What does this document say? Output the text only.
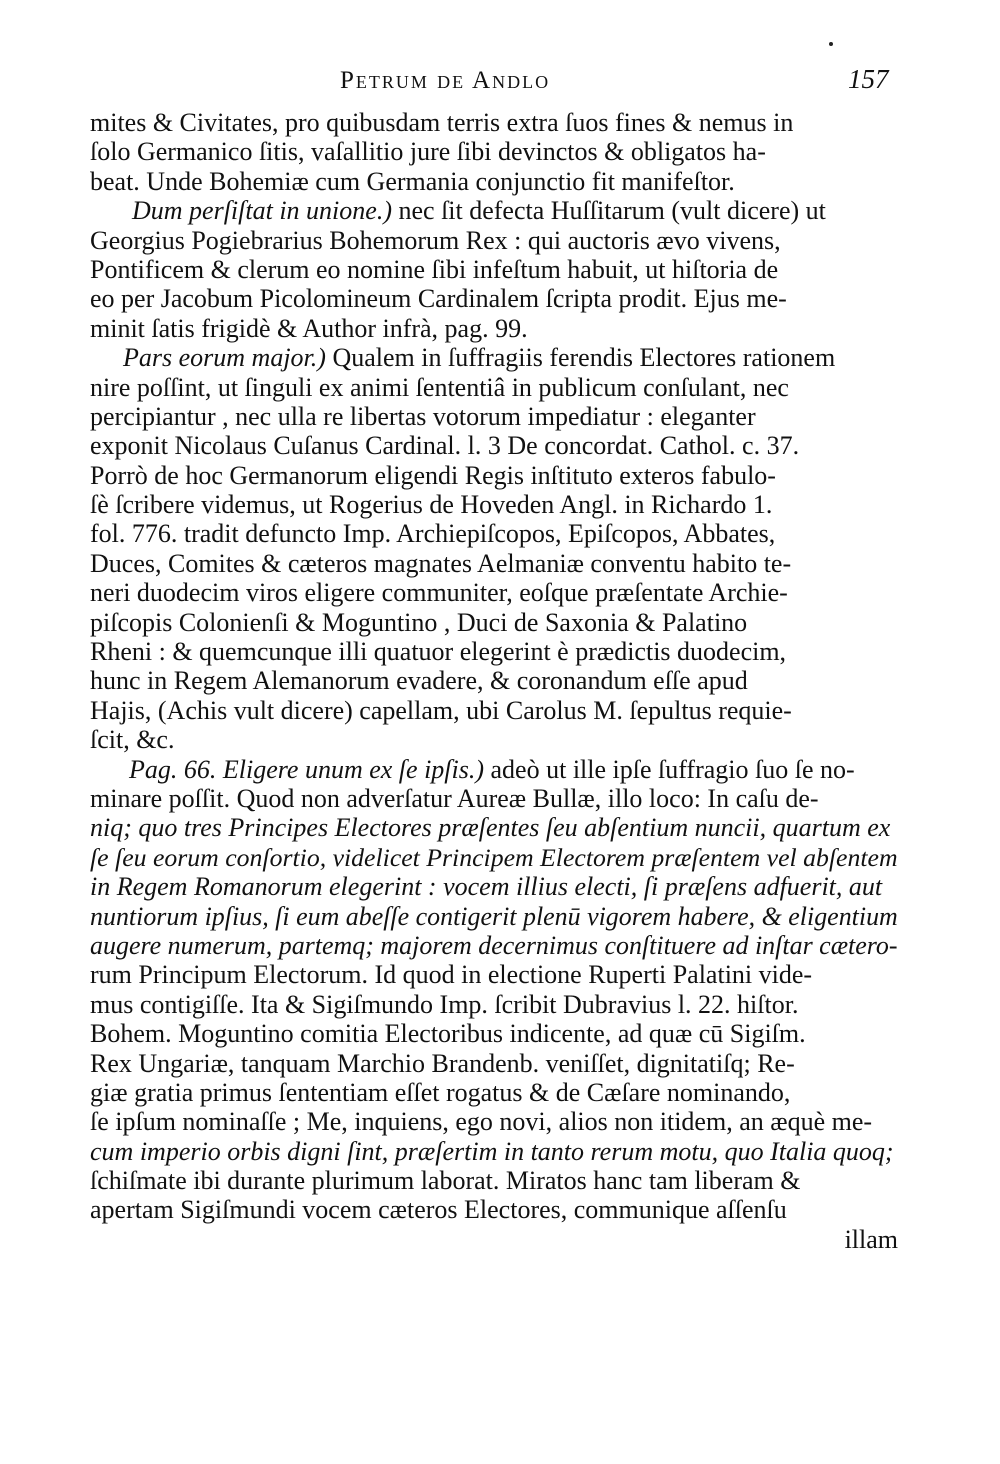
Petrum de Andlo	157
mites & Civitates, pro quibusdam terris extra ſuos fines & nemus in
ſolo Germanico ſitis, vaſallitio jure ſibi devinctos & obligatos ha-
beat. Unde Bohemiæ cum Germania conjunctio fit manifeſtor.
Dum perſiſtat in unione.) nec ſit defecta Huſſitarum (vult dicere) ut
Georgius Pogiebrarius Bohemorum Rex : qui auctoris ævo vivens,
Pontificem & clerum eo nomine ſibi infeſtum habuit, ut hiſtoria de
eo per Jacobum Picolomineum Cardinalem ſcripta prodit. Ejus me-
minit ſatis frigidè & Author infrà, pag. 99.
Pars eorum major.) Qualem in ſuffragiis ferendis Electores rationem
nire poſſint, ut ſinguli ex animi ſententiâ in publicum conſulant, nec
percipiantur , nec ulla re libertas votorum impediatur : eleganter
exponit Nicolaus Cuſanus Cardinal. l. 3 De concordat. Cathol. c. 37.
Porrò de hoc Germanorum eligendi Regis inſtituto exteros fabulo-
ſè ſcribere videmus, ut Rogerius de Hoveden Angl. in Richardo 1.
fol. 776. tradit defuncto Imp. Archiepiſcopos, Epiſcopos, Abbates,
Duces, Comites & cæteros magnates Aelmaniæ conventu habito te-
neri duodecim viros eligere communiter, eoſque præſentate Archie-
piſcopis Colonienſi & Moguntino , Duci de Saxonia & Palatino
Rheni : & quemcunque illi quatuor elegerint è prædictis duodecim,
hunc in Regem Alemanorum evadere, & coronandum eſſe apud
Hajis, (Achis vult dicere) capellam, ubi Carolus M. ſepultus requie-
ſcit, &c.
Pag. 66. Eligere unum ex ſe ipſis.) adeò ut ille ipſe ſuffragio ſuo ſe no-
minare poſſit. Quod non adverſatur Aureæ Bullæ, illo loco: In caſu de-
niq; quo tres Principes Electores præſentes ſeu abſentium nuncii, quartum ex
ſe ſeu eorum conſortio, videlicet Principem Electorem præſentem vel abſentem
in Regem Romanorum elegerint : vocem illius electi, ſi præſens adfuerit, aut
nuntiorum ipſius, ſi eum abeſſe contigerit plenū vigorem habere, & eligentium
augere numerum, partemq; majorem decernimus conſtituere ad inſtar cætero-
rum Principum Electorum. Id quod in electione Ruperti Palatini vide-
mus contigiſſe. Ita & Sigiſmundo Imp. ſcribit Dubravius l. 22. hiſtor.
Bohem. Moguntino comitia Electoribus indicente, ad quæ cū Sigiſm.
Rex Ungariæ, tanquam Marchio Brandenb. veniſſet, dignitatiſq; Re-
giæ gratia primus ſententiam eſſet rogatus & de Cæſare nominando,
ſe ipſum nominaſſe ; Me, inquiens, ego novi, alios non itidem, an æquè me-
cum imperio orbis digni ſint, præſertim in tanto rerum motu, quo Italia quoq;
ſchiſmate ibi durante plurimum laborat. Miratos hanc tam liberam &
apertam Sigiſmundi vocem cæteros Electores, communique aſſenſu
illam
